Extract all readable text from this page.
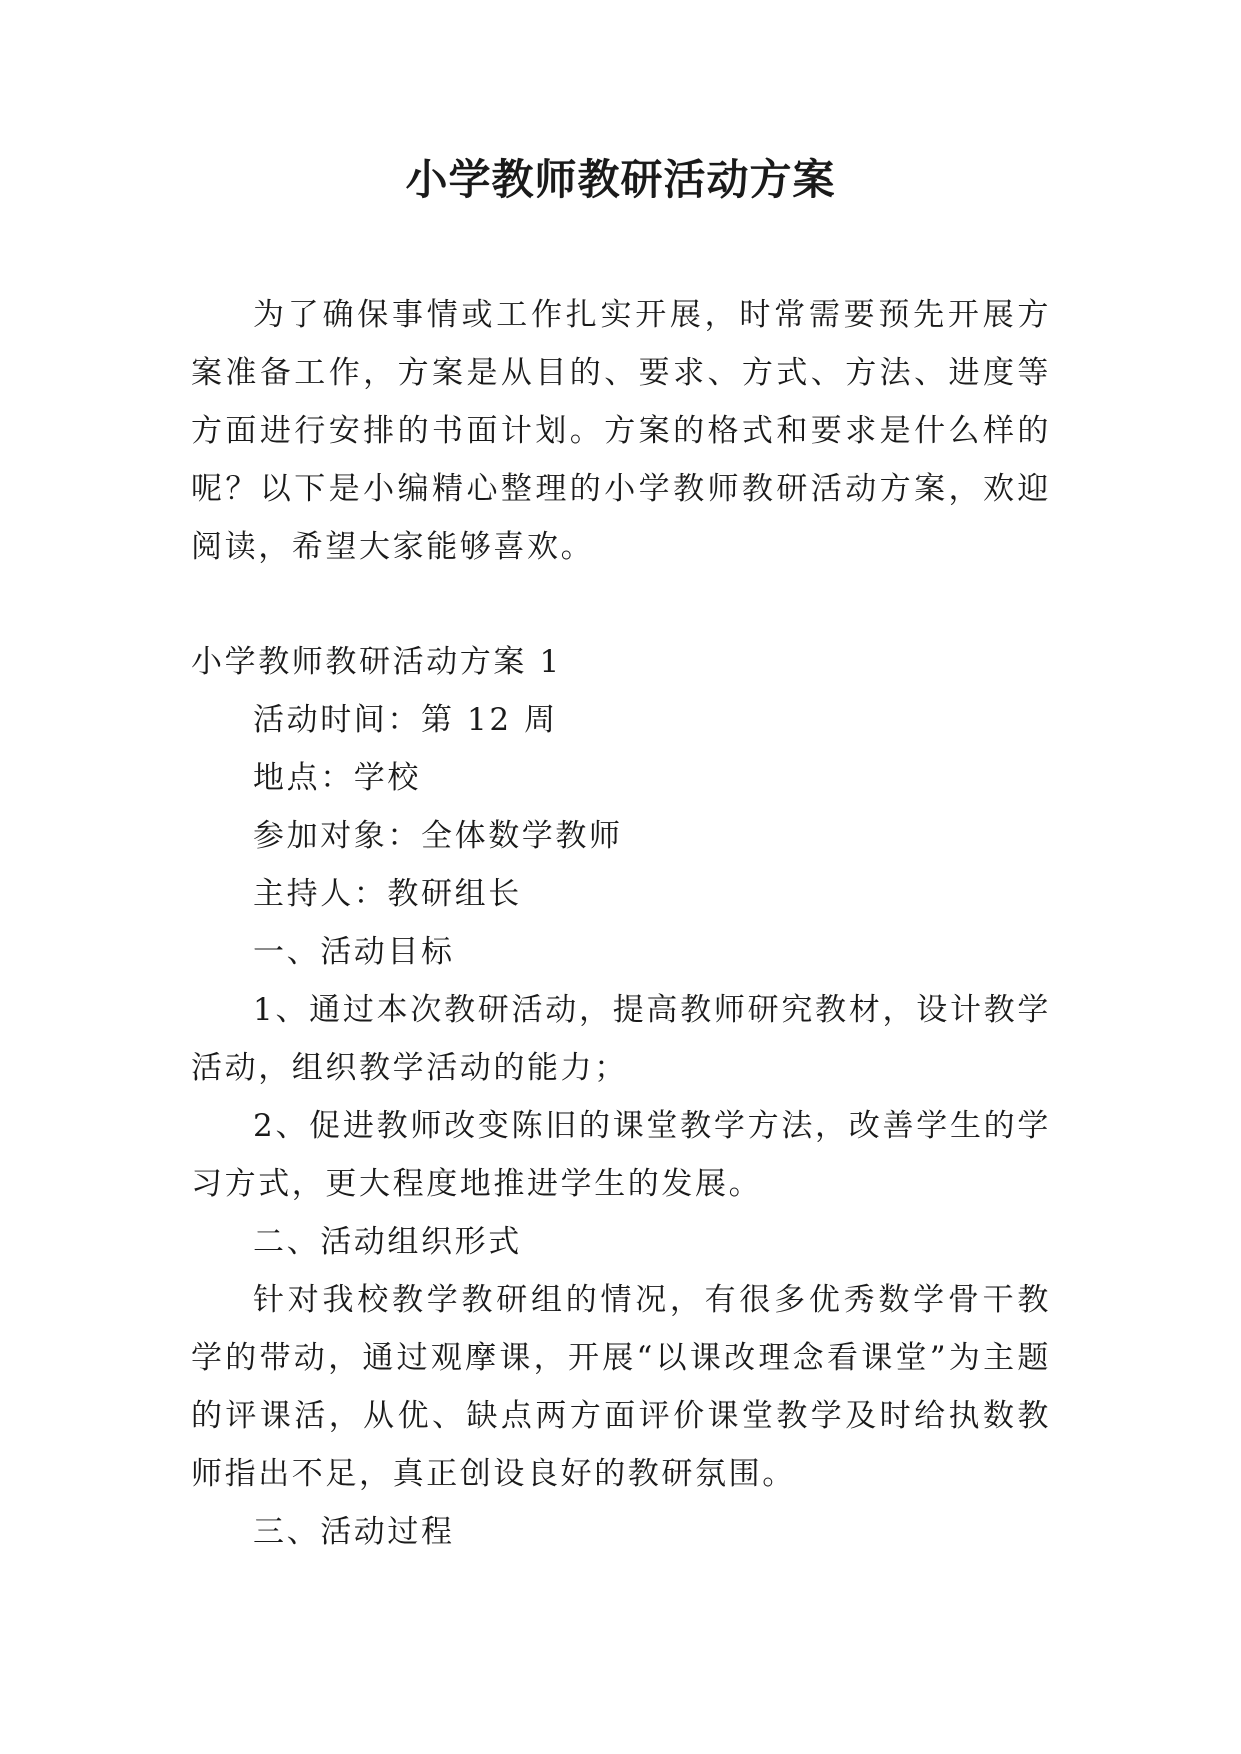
小学教师教研活动方案

为了确保事情或工作扎实开展，时常需要预先开展方案准备工作，方案是从目的、要求、方式、方法、进度等方面进行安排的书面计划。方案的格式和要求是什么样的呢？以下是小编精心整理的小学教师教研活动方案，欢迎阅读，希望大家能够喜欢。

小学教师教研活动方案 1

活动时间：第 12 周

地点：学校

参加对象：全体数学教师

主持人：教研组长

一、活动目标

1、通过本次教研活动，提高教师研究教材，设计教学活动，组织教学活动的能力；

2、促进教师改变陈旧的课堂教学方法，改善学生的学习方式，更大程度地推进学生的发展。

二、活动组织形式

针对我校教学教研组的情况，有很多优秀数学骨干教学的带动，通过观摩课，开展“以课改理念看课堂”为主题的评课活，从优、缺点两方面评价课堂教学及时给执数教师指出不足，真正创设良好的教研氛围。

三、活动过程
